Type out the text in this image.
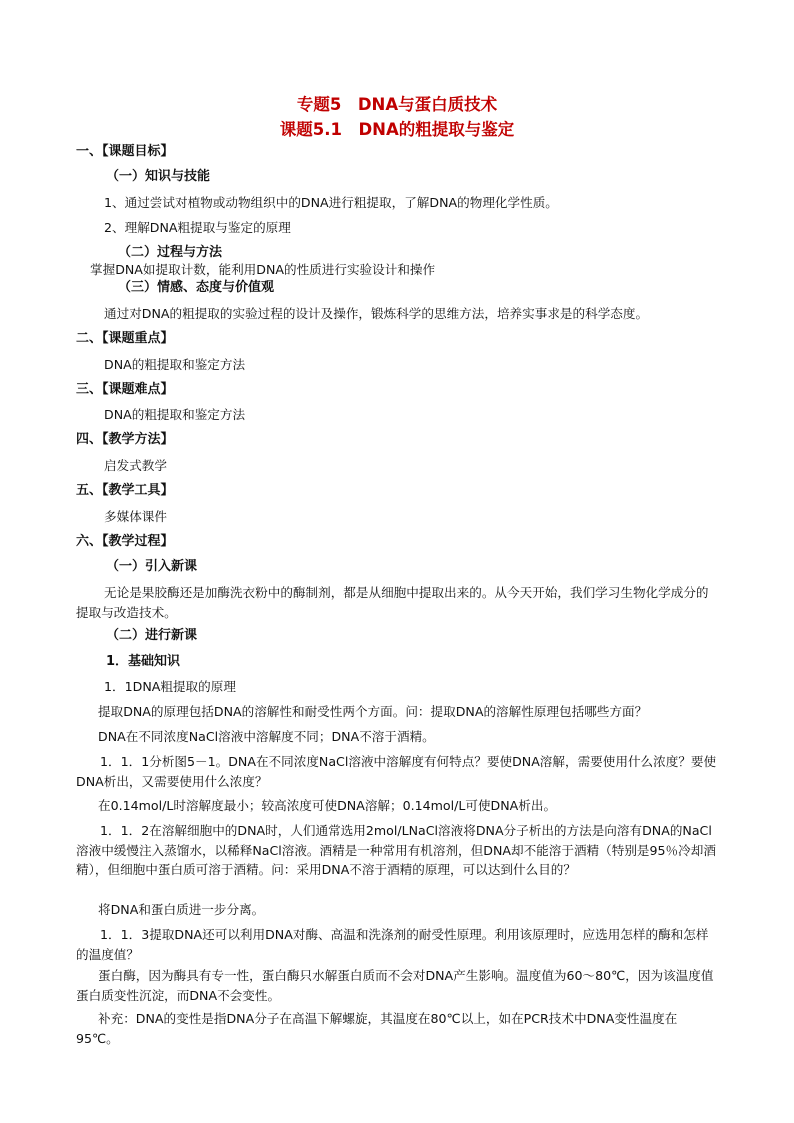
专题5　DNA与蛋白质技术
课题5.1　DNA的粗提取与鉴定
一、【课题目标】
（一）知识与技能
1、通过尝试对植物或动物组织中的DNA进行粗提取，了解DNA的物理化学性质。
2、理解DNA粗提取与鉴定的原理
（二）过程与方法
掌握DNA如提取计数，能利用DNA的性质进行实验设计和操作
（三）情感、态度与价值观
通过对DNA的粗提取的实验过程的设计及操作，锻炼科学的思维方法，培养实事求是的科学态度。
二、【课题重点】
DNA的粗提取和鉴定方法
三、【课题难点】
DNA的粗提取和鉴定方法
四、【教学方法】
启发式教学
五、【教学工具】
多媒体课件
六、【教学过程】
（一）引入新课
无论是果胶酶还是加酶洗衣粉中的酶制剂，都是从细胞中提取出来的。从今天开始，我们学习生物化学成分的提取与改造技术。
（二）进行新课
1．基础知识
1．1DNA粗提取的原理
提取DNA的原理包括DNA的溶解性和耐受性两个方面。问：提取DNA的溶解性原理包括哪些方面？
DNA在不同浓度NaCl溶液中溶解度不同；DNA不溶于酒精。
1．1．1分析图5－1。DNA在不同浓度NaCl溶液中溶解度有何特点？要使DNA溶解，需要使用什么浓度？要使DNA析出，又需要使用什么浓度？
在0.14mol/L时溶解度最小；较高浓度可使DNA溶解；0.14mol/L可使DNA析出。
1．1．2在溶解细胞中的DNA时，人们通常选用2mol/LNaCl溶液将DNA分子析出的方法是向溶有DNA的NaCl溶液中缓慢注入蒸馏水，以稀释NaCl溶液。酒精是一种常用有机溶剂，但DNA却不能溶于酒精（特别是95％冷却酒精），但细胞中蛋白质可溶于酒精。问：采用DNA不溶于酒精的原理，可以达到什么目的？
将DNA和蛋白质进一步分离。
1．1．3提取DNA还可以利用DNA对酶、高温和洗涤剂的耐受性原理。利用该原理时，应选用怎样的酶和怎样的温度值？
蛋白酶，因为酶具有专一性，蛋白酶只水解蛋白质而不会对DNA产生影响。温度值为60～80℃，因为该温度值蛋白质变性沉淀，而DNA不会变性。
补充：DNA的变性是指DNA分子在高温下解螺旋，其温度在80℃以上，如在PCR技术中DNA变性温度在95℃。
